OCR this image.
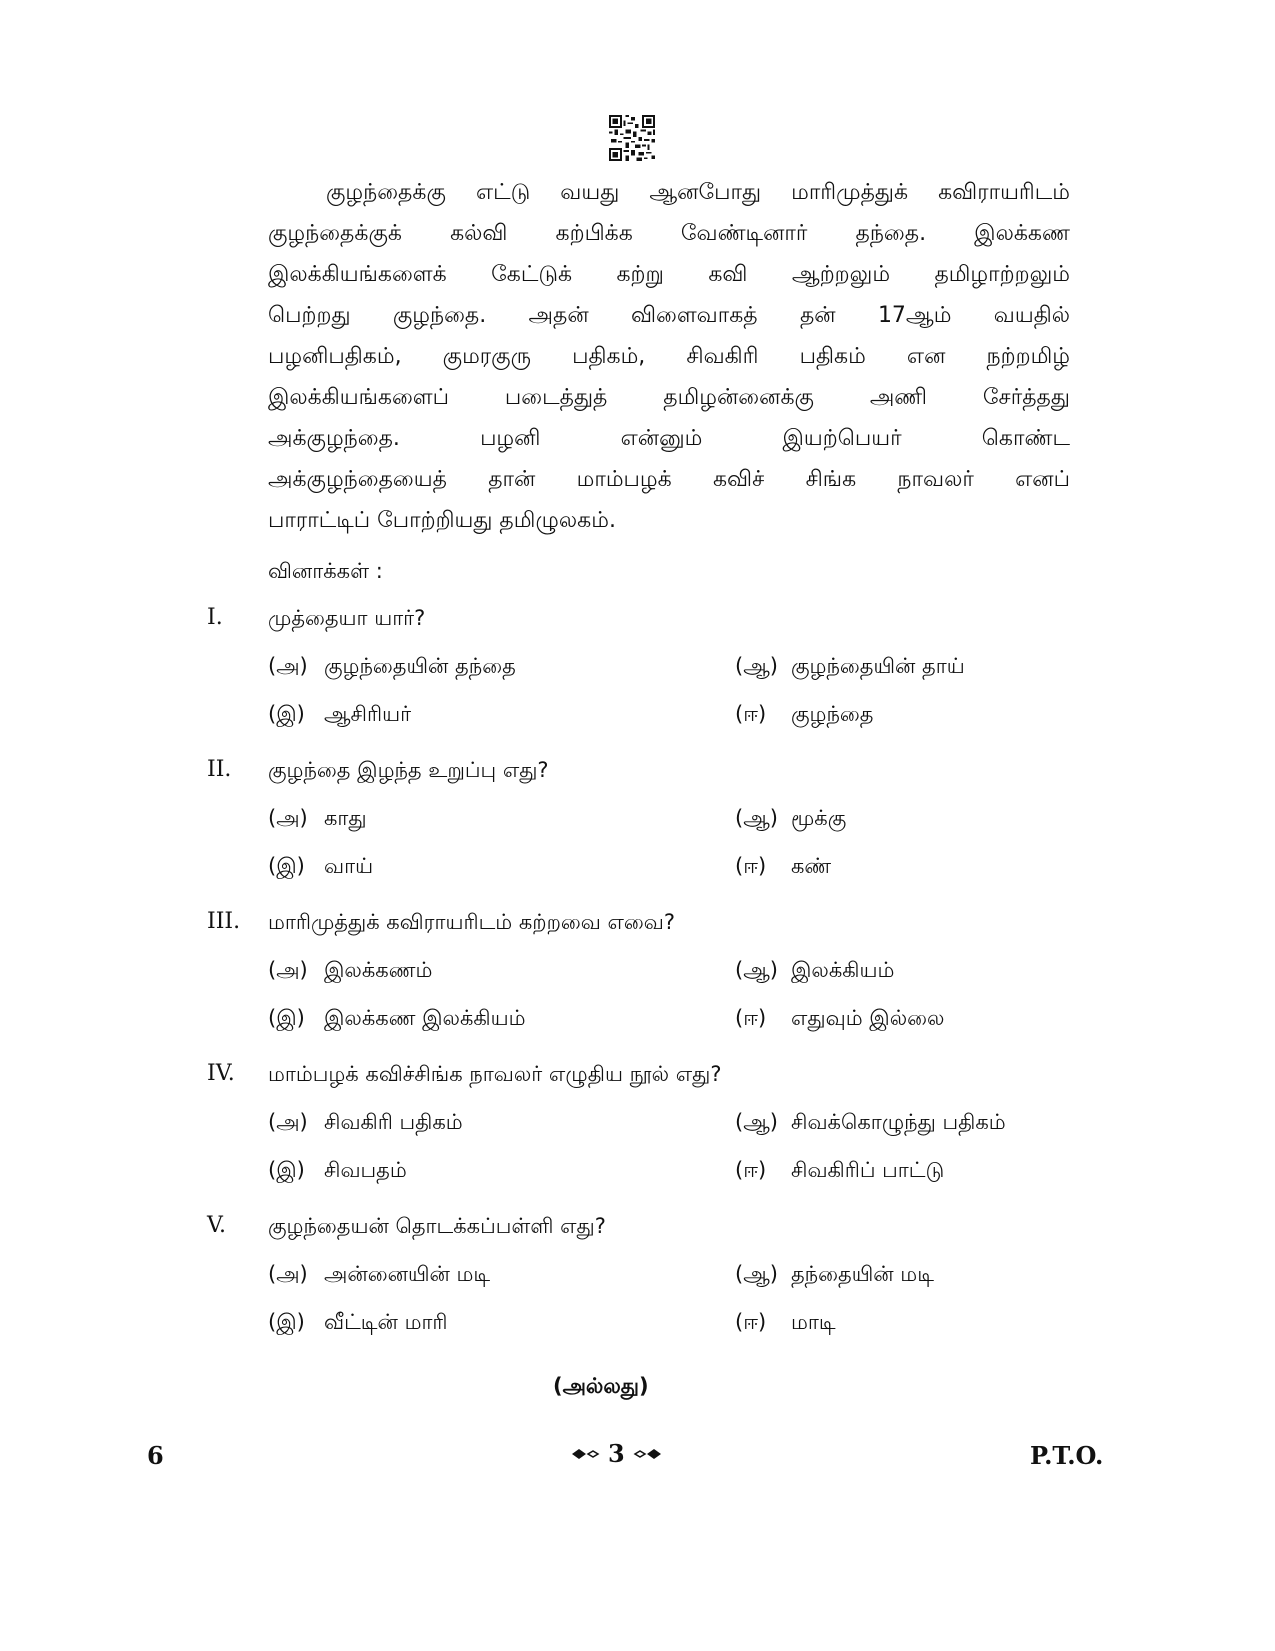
குழந்தைக்கு எட்டு வயது ஆனபோது மாரிமுத்துக் கவிராயரிடம்
குழந்தைக்குக் கல்வி கற்பிக்க வேண்டினார் தந்தை. இலக்கண
இலக்கியங்களைக் கேட்டுக் கற்று கவி ஆற்றலும் தமிழாற்றலும்
பெற்றது குழந்தை. அதன் விளைவாகத் தன் 17ஆம் வயதில்
பழனிபதிகம், குமரகுரு பதிகம், சிவகிரி பதிகம் என நற்றமிழ்
இலக்கியங்களைப்	படைத்துத்	தமிழன்னைக்கு	அணி	சேர்த்தது
அக்குழந்தை.	பழனி	என்னும்	இயற்பெயர்	கொண்ட
அக்குழந்தையைத் தான் மாம்பழக் கவிச் சிங்க நாவலர் எனப்
பாராட்டிப் போற்றியது தமிழுலகம்.
வினாக்கள் :
I. முத்தையா யார்?
(அ) குழந்தையின் தந்தை	(ஆ) குழந்தையின் தாய்
(இ) ஆசிரியர்	(ஈ) குழந்தை
II. குழந்தை இழந்த உறுப்பு எது?
(அ) காது	(ஆ) மூக்கு
(இ) வாய்	(ஈ) கண்
III. மாரிமுத்துக் கவிராயரிடம் கற்றவை எவை?
(அ) இலக்கணம்	(ஆ) இலக்கியம்
(இ) இலக்கண இலக்கியம்	(ஈ) எதுவும் இல்லை
IV. மாம்பழக் கவிச்சிங்க நாவலர் எழுதிய நூல் எது?
(அ) சிவகிரி பதிகம்	(ஆ) சிவக்கொழுந்து பதிகம்
(இ) சிவபதம்	(ஈ) சிவகிரிப் பாட்டு
V. குழந்தையன் தொடக்கப்பள்ளி எது?
(அ) அன்னையின் மடி	(ஆ) தந்தையின் மடி
(இ) வீட்டின் மாரி	(ஈ) மாடி
(அல்லது)
6	3	P.T.O.
